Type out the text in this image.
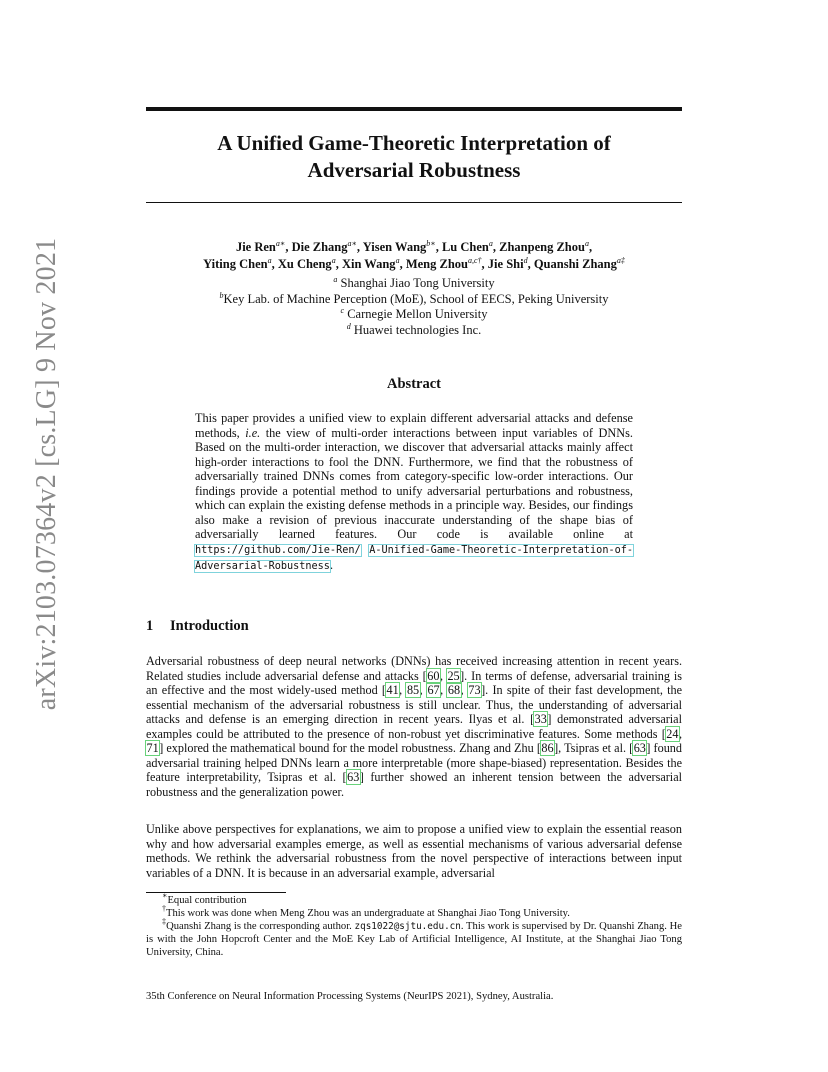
arXiv:2103.07364v2 [cs.LG] 9 Nov 2021
A Unified Game-Theoretic Interpretation of
Adversarial Robustness
Jie Ren$^{a∗}$, Die Zhang$^{a∗}$, Yisen Wang$^{b∗}$, Lu Chen$^a$, Zhanpeng Zhou$^a$,
Yiting Chen$^a$, Xu Cheng$^a$, Xin Wang$^a$, Meng Zhou$^{a,c\dagger}$, Jie Shi$^d$, Quanshi Zhang$^{a\ddagger}$
$^a$ Shanghai Jiao Tong University
$^b$Key Lab. of Machine Perception (MoE), School of EECS, Peking University
$^c$ Carnegie Mellon University
$^d$ Huawei technologies Inc.
Abstract
This paper provides a unified view to explain different adversarial attacks and defense methods, i.e. the view of multi-order interactions between input variables of DNNs. Based on the multi-order interaction, we discover that adversarial attacks mainly affect high-order interactions to fool the DNN. Furthermore, we find that the robustness of adversarially trained DNNs comes from category-specific low-order interactions. Our findings provide a potential method to unify adversarial perturbations and robustness, which can explain the existing defense methods in a principle way. Besides, our findings also make a revision of previous inaccurate understanding of the shape bias of adversarially learned features. Our code is available online at https://github.com/Jie-Ren/ A-Unified-Game-Theoretic-Interpretation-of-Adversarial-Robustness.
1 Introduction
Adversarial robustness of deep neural networks (DNNs) has received increasing attention in recent years. Related studies include adversarial defense and attacks [60, 25]. In terms of defense, adversarial training is an effective and the most widely-used method [41, 85, 67, 68, 73]. In spite of their fast development, the essential mechanism of the adversarial robustness is still unclear. Thus, the understanding of adversarial attacks and defense is an emerging direction in recent years. Ilyas et al. [33] demonstrated adversarial examples could be attributed to the presence of non-robust yet discriminative features. Some methods [24, 71] explored the mathematical bound for the model robustness. Zhang and Zhu [86], Tsipras et al. [63] found adversarial training helped DNNs learn a more interpretable (more shape-biased) representation. Besides the feature interpretability, Tsipras et al. [63] further showed an inherent tension between the adversarial robustness and the generalization power.
Unlike above perspectives for explanations, we aim to propose a unified view to explain the essential reason why and how adversarial examples emerge, as well as essential mechanisms of various adversarial defense methods. We rethink the adversarial robustness from the novel perspective of interactions between input variables of a DNN. It is because in an adversarial example, adversarial
∗Equal contribution
†This work was done when Meng Zhou was an undergraduate at Shanghai Jiao Tong University.
‡Quanshi Zhang is the corresponding author. zqs1022@sjtu.edu.cn. This work is supervised by Dr. Quanshi Zhang. He is with the John Hopcroft Center and the MoE Key Lab of Artificial Intelligence, AI Institute, at the Shanghai Jiao Tong University, China.
35th Conference on Neural Information Processing Systems (NeurIPS 2021), Sydney, Australia.
